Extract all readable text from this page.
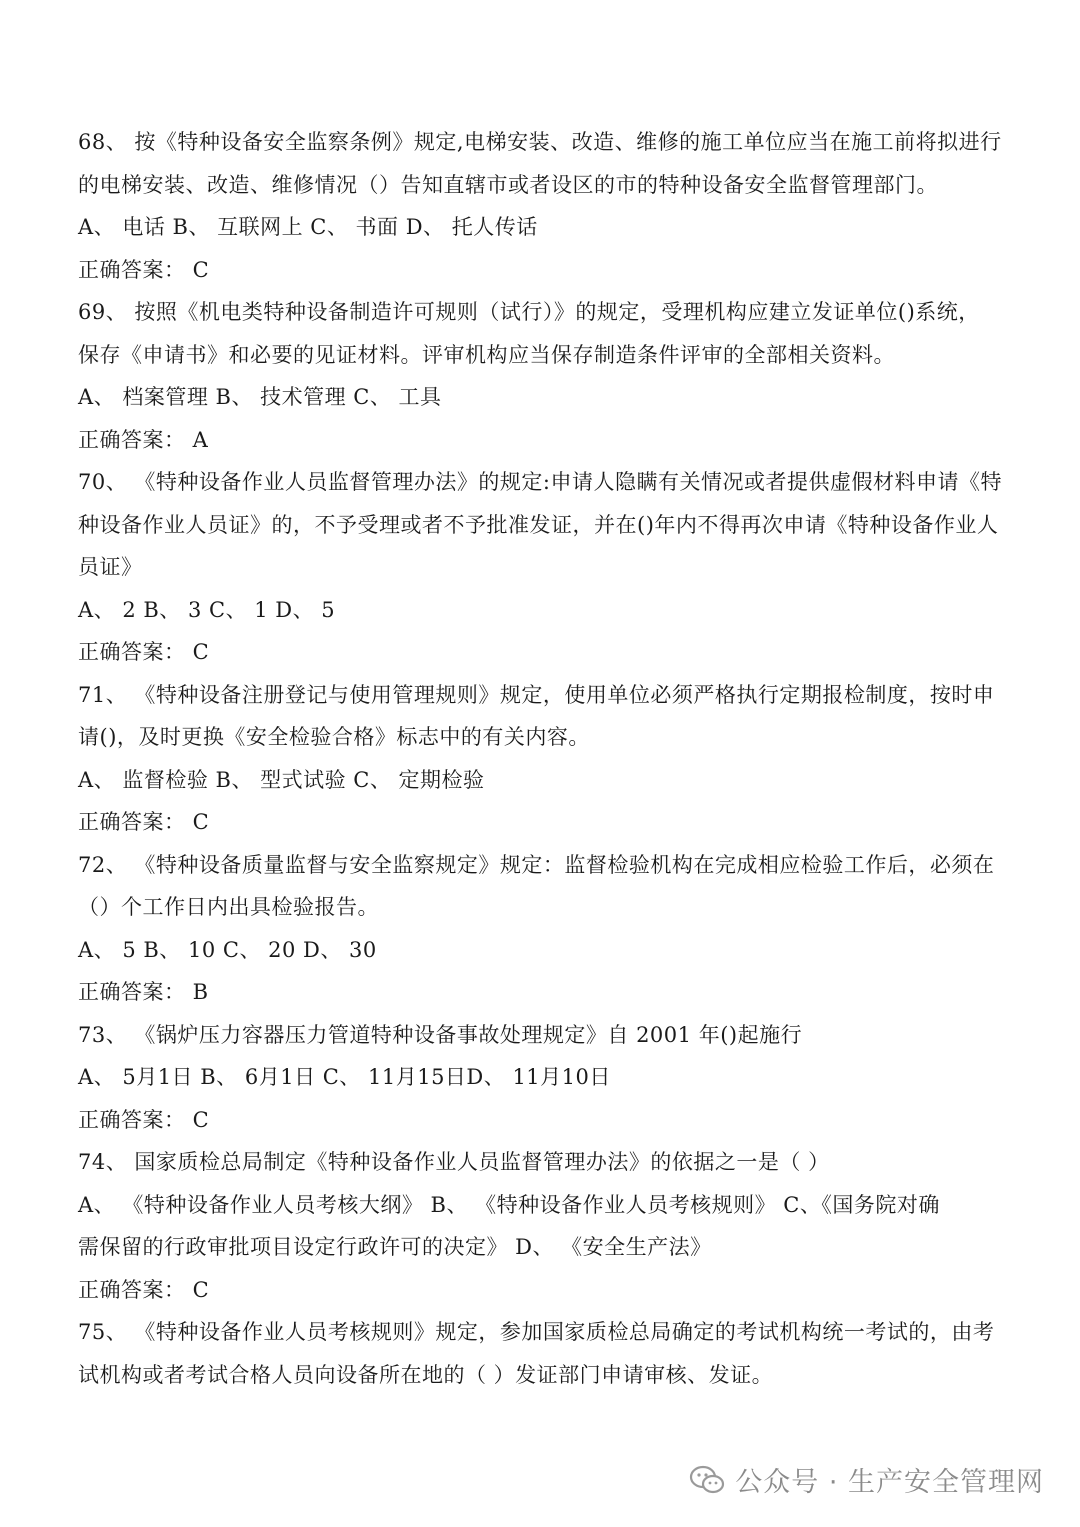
68、 按《特种设备安全监察条例》规定,电梯安装、改造、维修的施工单位应当在施工前将拟进行
的电梯安装、改造、维修情况（）告知直辖市或者设区的市的特种设备安全监督管理部门。
A、 电话 B、 互联网上 C、 书面 D、 托人传话
正确答案： C
69、 按照《机电类特种设备制造许可规则（试行）》的规定，受理机构应建立发证单位()系统，
保存《申请书》和必要的见证材料。评审机构应当保存制造条件评审的全部相关资料。
A、 档案管理 B、 技术管理 C、 工具
正确答案： A
70、 《特种设备作业人员监督管理办法》的规定:申请人隐瞒有关情况或者提供虚假材料申请《特
种设备作业人员证》的，不予受理或者不予批准发证，并在()年内不得再次申请《特种设备作业人
员证》
A、 2 B、 3 C、 1 D、 5
正确答案： C
71、 《特种设备注册登记与使用管理规则》规定，使用单位必须严格执行定期报检制度，按时申
请()，及时更换《安全检验合格》标志中的有关内容。
A、 监督检验 B、 型式试验 C、 定期检验
正确答案： C
72、 《特种设备质量监督与安全监察规定》规定：监督检验机构在完成相应检验工作后，必须在
（）个工作日内出具检验报告。
A、 5 B、 10 C、 20 D、 30
正确答案： B
73、 《锅炉压力容器压力管道特种设备事故处理规定》自 2001 年()起施行
A、 5月1日 B、 6月1日 C、 11月15日D、 11月10日
正确答案： C
74、 国家质检总局制定《特种设备作业人员监督管理办法》的依据之一是（ ）
A、 《特种设备作业人员考核大纲》 B、 《特种设备作业人员考核规则》 C、《国务院对确
需保留的行政审批项目设定行政许可的决定》 D、 《安全生产法》
正确答案： C
75、 《特种设备作业人员考核规则》规定，参加国家质检总局确定的考试机构统一考试的，由考
试机构或者考试合格人员向设备所在地的（ ）发证部门申请审核、发证。
公众号 · 生产安全管理网
